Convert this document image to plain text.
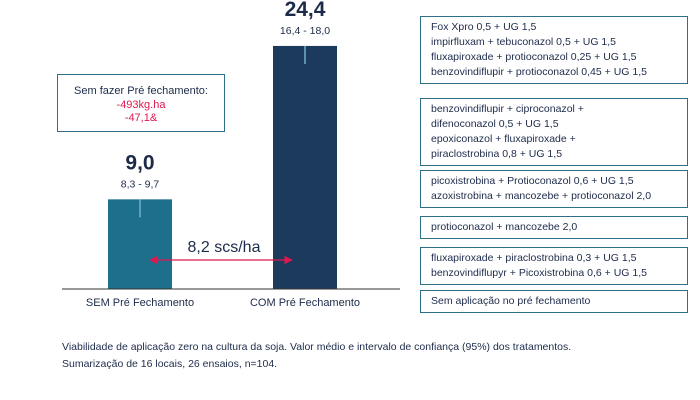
8,2 scs/ha
9,0
8,3 - 9,7
SEM Pré Fechamento
24,4
16,4 - 18,0
COM Pré Fechamento
Sem fazer Pré fechamento:
-493kg.ha
-47,1&
Fox Xpro 0,5 + UG 1,5
impirfluxam + tebuconazol 0,5 + UG 1,5
fluxapiroxade + protioconazol 0,25 + UG 1,5
benzovindiflupir + protioconazol 0,45 + UG 1,5
benzovindiflupir + ciproconazol +
difenoconazol 0,5 + UG 1,5
epoxiconazol + fluxapiroxade +
piraclostrobina 0,8 + UG 1,5
picoxistrobina + Protioconazol 0,6 + UG 1,5
azoxistrobina + mancozebe + protioconazol 2,0
protioconazol + mancozebe 2,0
fluxapiroxade + piraclostrobina 0,3 + UG 1,5
benzovindiflupyr + Picoxistrobina 0,6 + UG 1,5
Sem aplicação no pré fechamento
Viabilidade de aplicação zero na cultura da soja. Valor médio e intervalo de confiança (95%) dos tratamentos.
Sumarização de 16 locais, 26 ensaios, n=104.
